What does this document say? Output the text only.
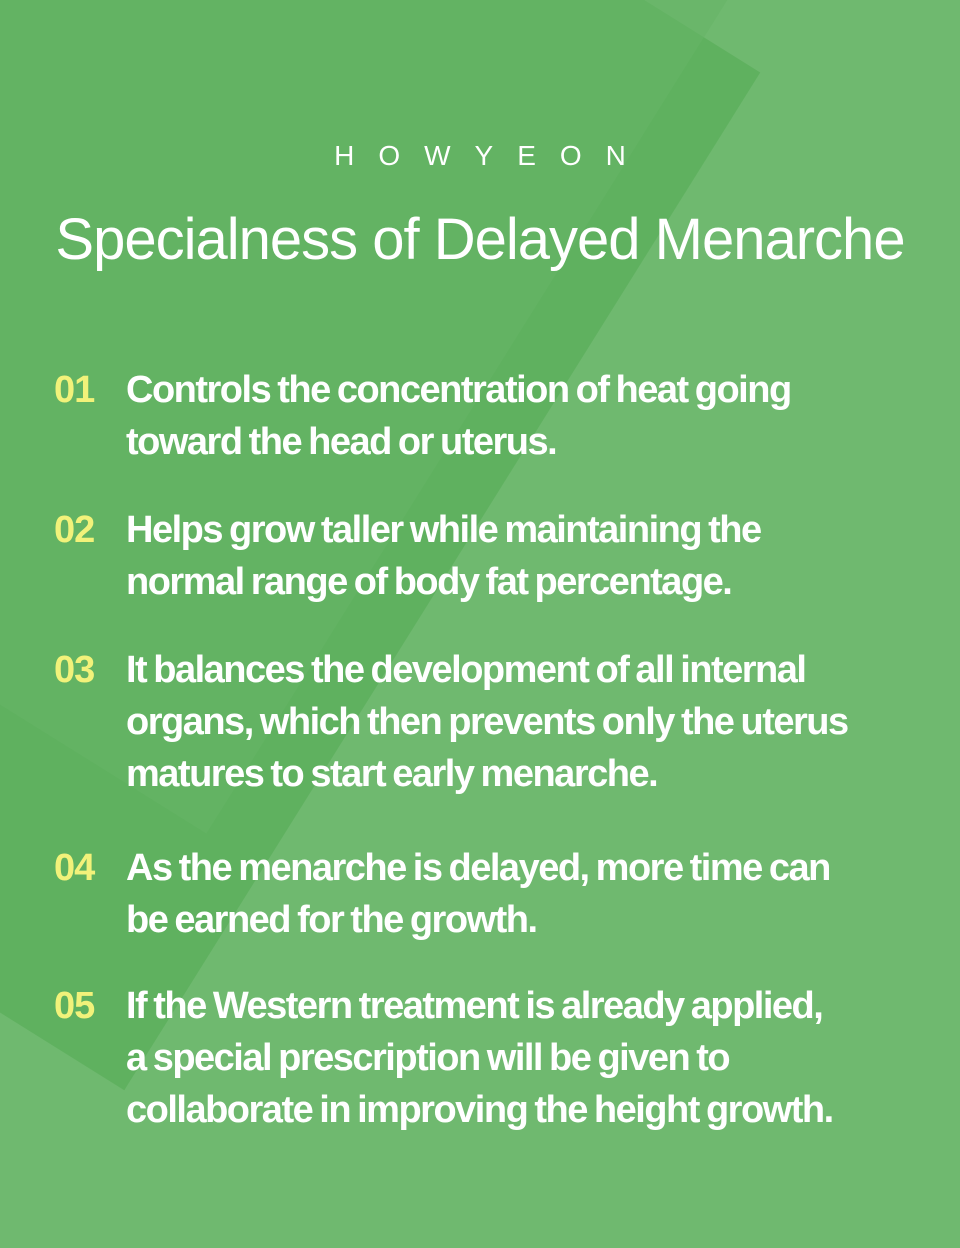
HOWYEON
Specialness of Delayed Menarche
01 Controls the concentration of heat going
toward the head or uterus.
02 Helps grow taller while maintaining the
normal range of body fat percentage.
03 It balances the development of all internal
organs, which then prevents only the uterus
matures to start early menarche.
04 As the menarche is delayed, more time can
be earned for the growth.
05 If the Western treatment is already applied,
a special prescription will be given to
collaborate in improving the height growth.
